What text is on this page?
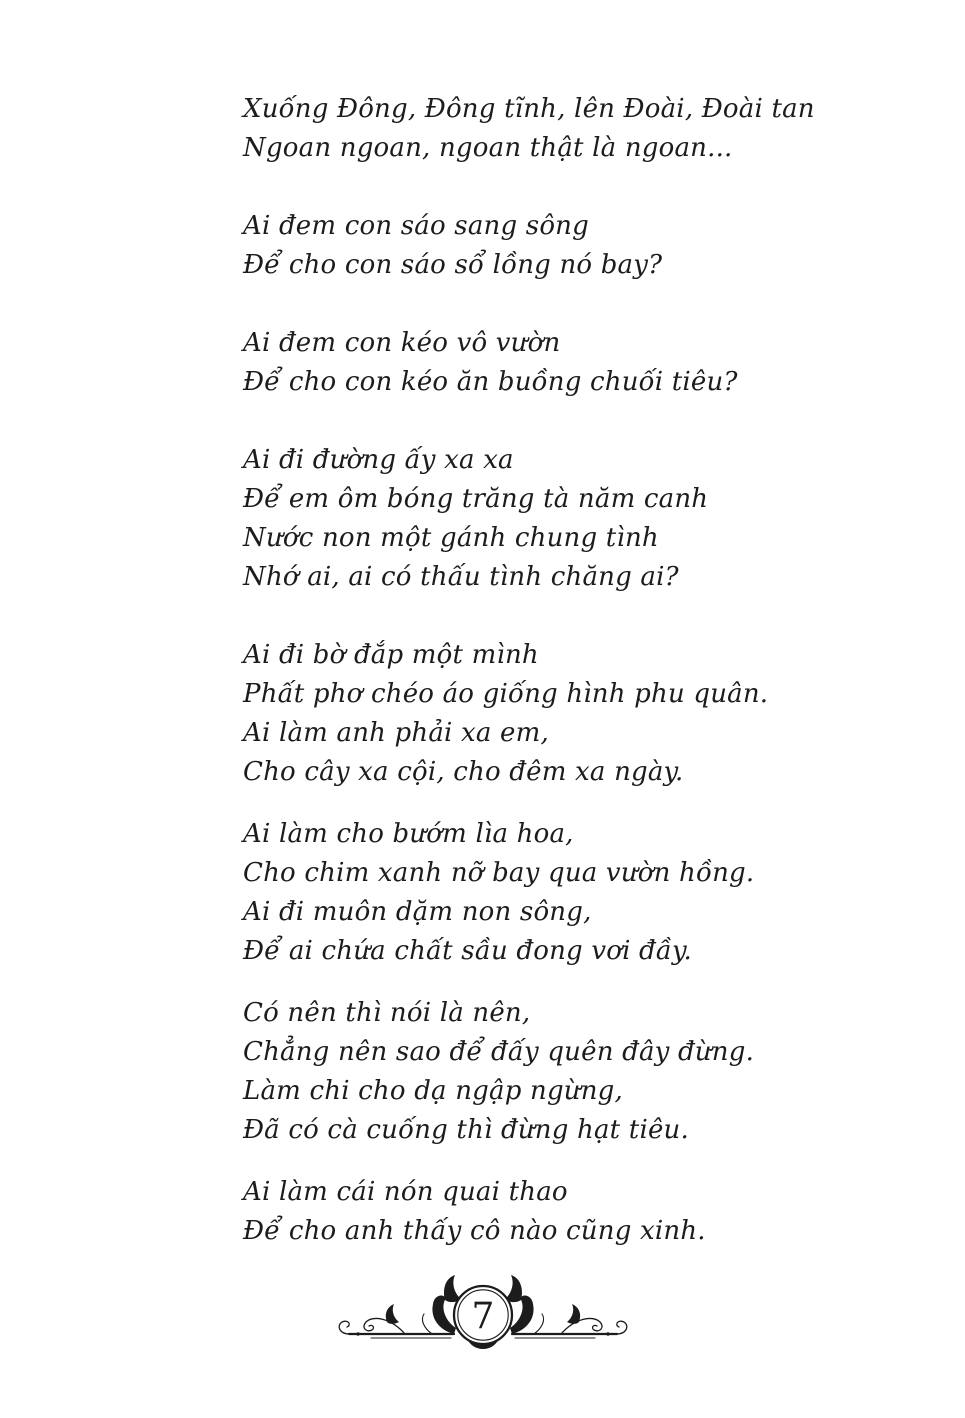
Xuống Đông, Đông tĩnh, lên Đoài, Đoài tan
Ngoan ngoan, ngoan thật là ngoan...
Ai đem con sáo sang sông
Để cho con sáo sổ lồng nó bay?
Ai đem con kéo vô vườn
Để cho con kéo ăn buồng chuối tiêu?
Ai đi đường ấy xa xa
Để em ôm bóng trăng tà năm canh
Nước non một gánh chung tình
Nhớ ai, ai có thấu tình chăng ai?
Ai đi bờ đắp một mình
Phất phơ chéo áo giống hình phu quân.
Ai làm anh phải xa em,
Cho cây xa cội, cho đêm xa ngày.
Ai làm cho bướm lìa hoa,
Cho chim xanh nỡ bay qua vườn hồng.
Ai đi muôn dặm non sông,
Để ai chứa chất sầu đong vơi đầy.
Có nên thì nói là nên,
Chẳng nên sao để đấy quên đây đừng.
Làm chi cho dạ ngập ngừng,
Đã có cà cuống thì đừng hạt tiêu.
Ai làm cái nón quai thao
Để cho anh thấy cô nào cũng xinh.
7
